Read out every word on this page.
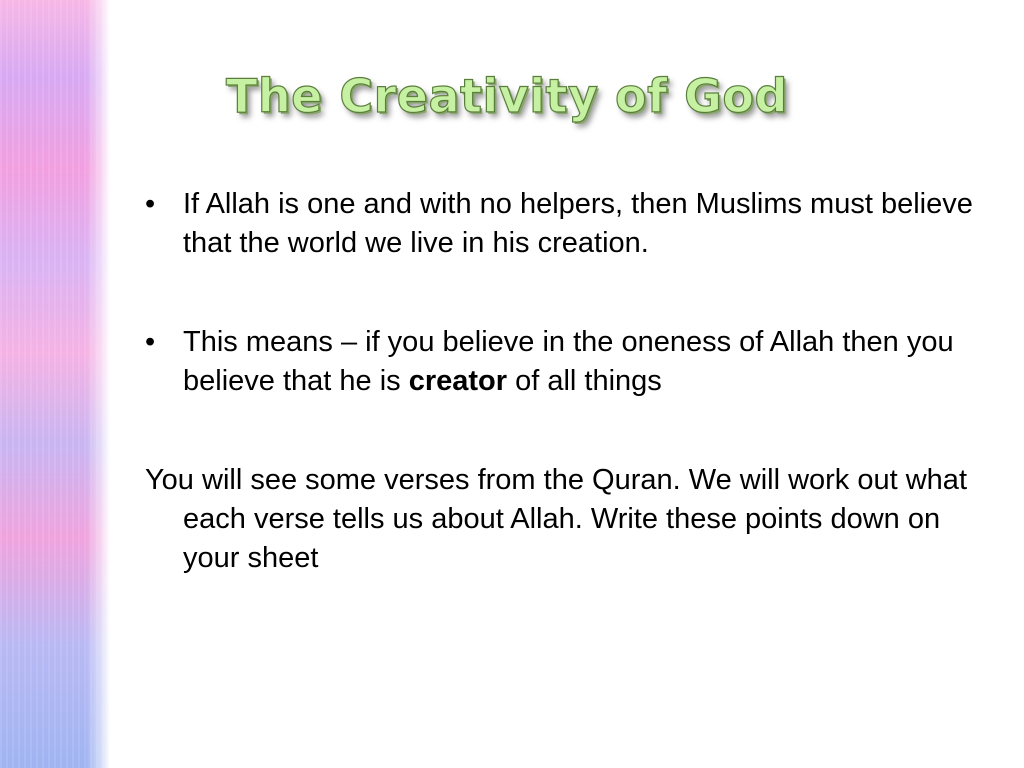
The Creativity of God
• If Allah is one and with no helpers, then Muslims must believe that the world we live in his creation.
• This means – if you believe in the oneness of Allah then you believe that he is creator of all things

You will see some verses from the Quran. We will work out what each verse tells us about Allah. Write these points down on your sheet
